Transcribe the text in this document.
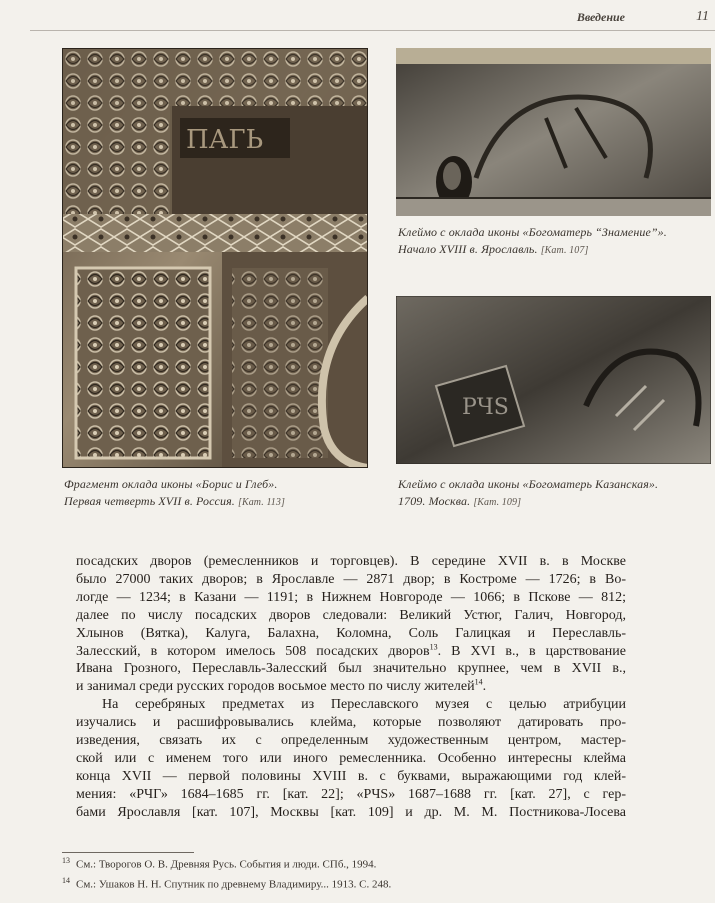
Введение	11
ПАГЬ
Клеймо с оклада иконы «Богоматерь “Знамение”».
Начало XVIII в. Ярославль. [Кат. 107]
РЧS
Клеймо с оклада иконы «Богоматерь Казанская».
1709. Москва. [Кат. 109]
Фрагмент оклада иконы «Борис и Глеб».
Первая четверть XVII в. Россия. [Кат. 113]
посадских дворов (ремесленников и торговцев). В середине XVII в. в Москве
было 27000 таких дворов; в Ярославле — 2871 двор; в Костроме — 1726; в Во-
логде — 1234; в Казани — 1191; в Нижнем Новгороде — 1066; в Пскове — 812;
далее по числу посадских дворов следовали: Великий Устюг, Галич, Новгород,
Хлынов (Вятка), Калуга, Балахна, Коломна, Соль Галицкая и Переславль-
Залесский, в котором имелось 508 посадских дворов$^{13}$. В XVI в., в царствование
Ивана Грозного, Переславль-Залесский был значительно крупнее, чем в XVII в.,
и занимал среди русских городов восьмое место по числу жителей$^{14}$.
На серебряных предметах из Переславского музея с целью атрибуции
изучались и расшифровывались клейма, которые позволяют датировать про-
изведения, связать их с определенным художественным центром, мастер-
ской или с именем того или иного ремесленника. Особенно интересны клейма
конца XVII — первой половины XVIII в. с буквами, выражающими год клей-
мения: «РЧГ» 1684–1685 гг. [кат. 22]; «РЧS» 1687–1688 гг. [кат. 27], с гер-
бами Ярославля [кат. 107], Москвы [кат. 109] и др. М. М. Постникова-Лосева
$^{13}$ См.: Творогов О. В. Древняя Русь. События и люди. СПб., 1994.
$^{14}$ См.: Ушаков Н. Н. Спутник по древнему Владимиру... 1913. С. 248.
